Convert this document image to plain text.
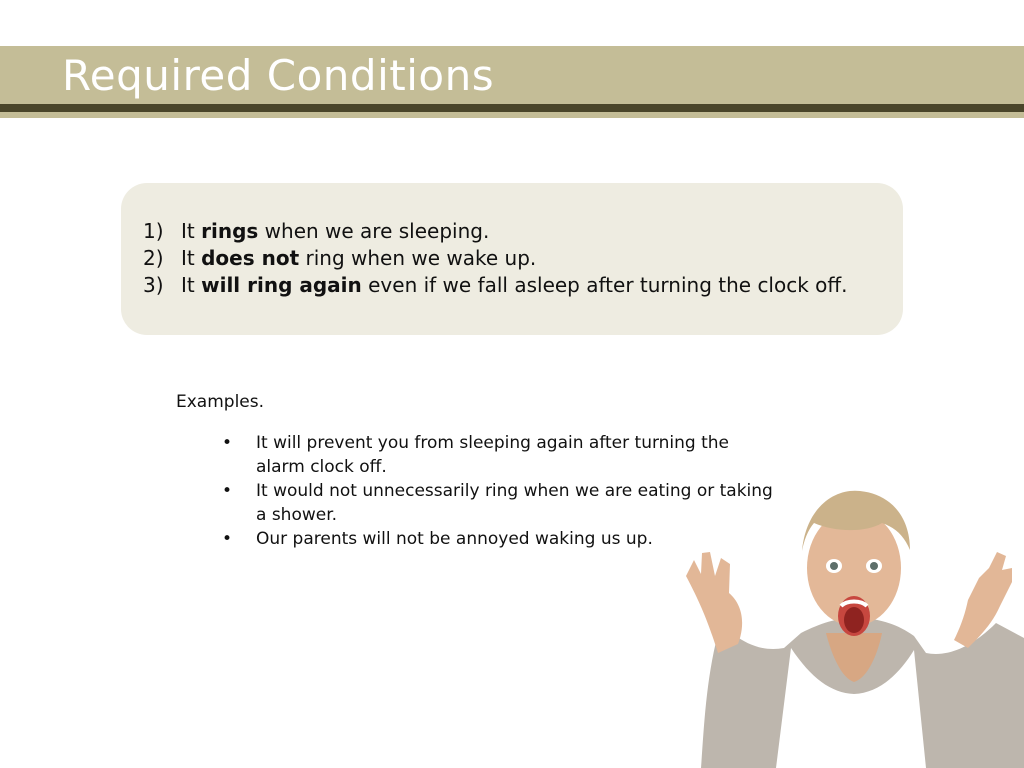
Required Conditions
1) It rings when we are sleeping.
2) It does not ring when we wake up.
3) It will ring again even if we fall asleep after turning the clock off.
Examples.
•	It will prevent you from sleeping again after turning the alarm clock off.
•	It would not unnecessarily ring when we are eating or taking a shower.
•	Our parents will not be annoyed waking us up.
